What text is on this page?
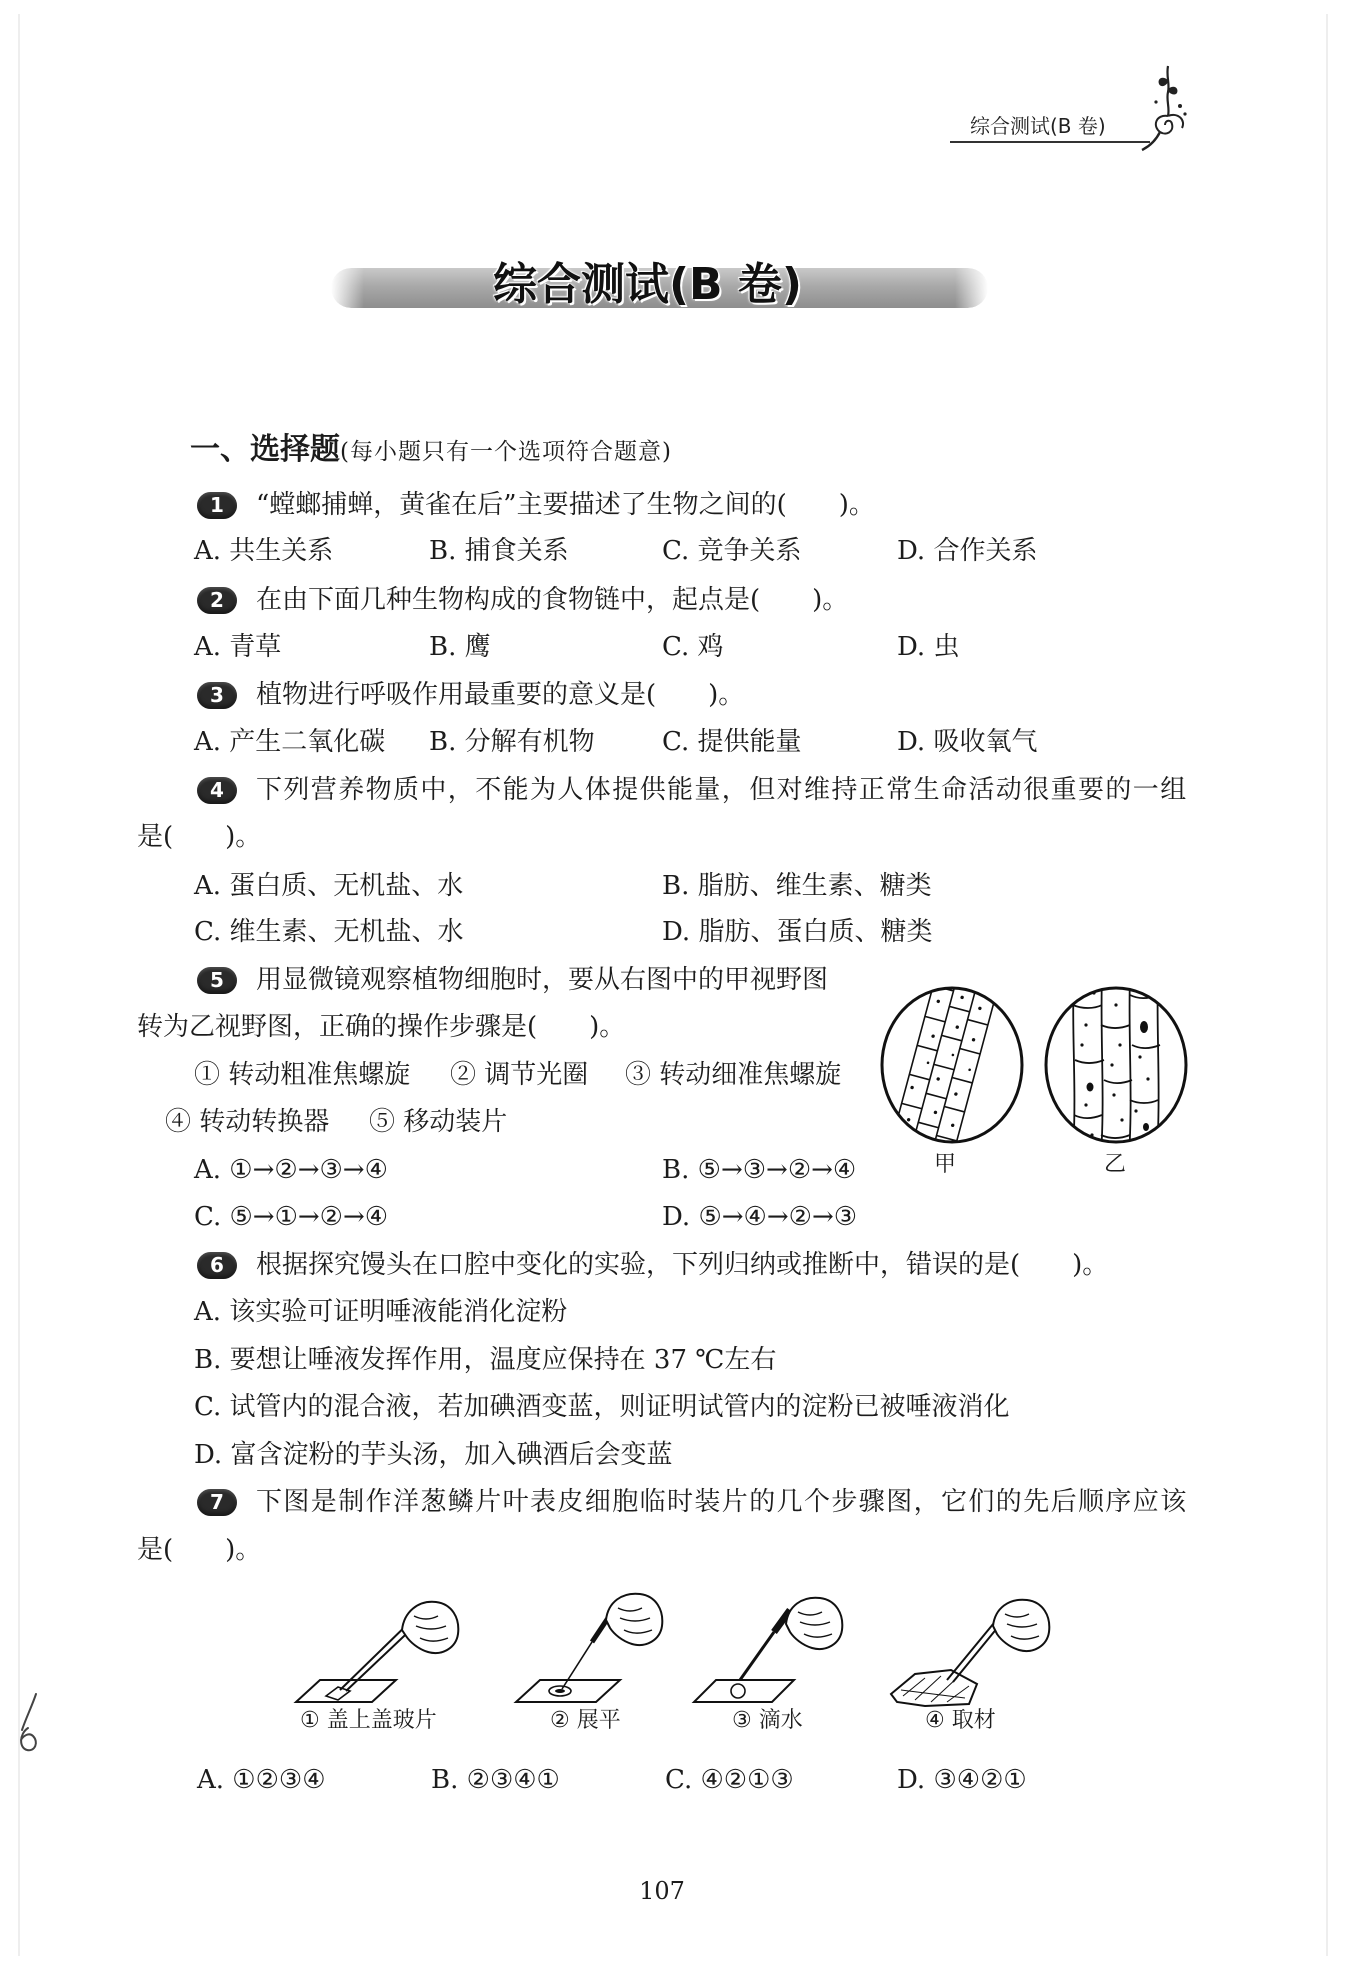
综合测试(B 卷)
综合测试(B 卷)
一、选择题(每小题只有一个选项符合题意)
1	“螳螂捕蝉，黄雀在后”主要描述了生物之间的(　　)。
A. 共生关系	B. 捕食关系	C. 竞争关系	D. 合作关系
2	在由下面几种生物构成的食物链中，起点是(　　)。
A. 青草	B. 鹰	C. 鸡	D. 虫
3	植物进行呼吸作用最重要的意义是(　　)。
A. 产生二氧化碳 B. 分解有机物	C. 提供能量	D. 吸收氧气
4	下列营养物质中，不能为人体提供能量，但对维持正常生命活动很重要的一组
是(　　)。
A. 蛋白质、无机盐、水	B. 脂肪、维生素、糖类
C. 维生素、无机盐、水	D. 脂肪、蛋白质、糖类
5	用显微镜观察植物细胞时，要从右图中的甲视野图
转为乙视野图，正确的操作步骤是(　　)。
① 转动粗准焦螺旋 ② 调节光圈 ③ 转动细准焦螺旋
④ 转动转换器 ⑤ 移动装片
A. ①→②→③→④	B. ⑤→③→②→④
C. ⑤→①→②→④	D. ⑤→④→②→③
甲	乙
6	根据探究馒头在口腔中变化的实验，下列归纳或推断中，错误的是(　　)。
A. 该实验可证明唾液能消化淀粉
B. 要想让唾液发挥作用，温度应保持在 37 ℃左右
C. 试管内的混合液，若加碘酒变蓝，则证明试管内的淀粉已被唾液消化
D. 富含淀粉的芋头汤，加入碘酒后会变蓝
7	下图是制作洋葱鳞片叶表皮细胞临时装片的几个步骤图，它们的先后顺序应该
是(　　)。
① 盖上盖玻片	② 展平	③ 滴水	④ 取材
A. ①②③④	B. ②③④①	C. ④②①③	D. ③④②①
107
